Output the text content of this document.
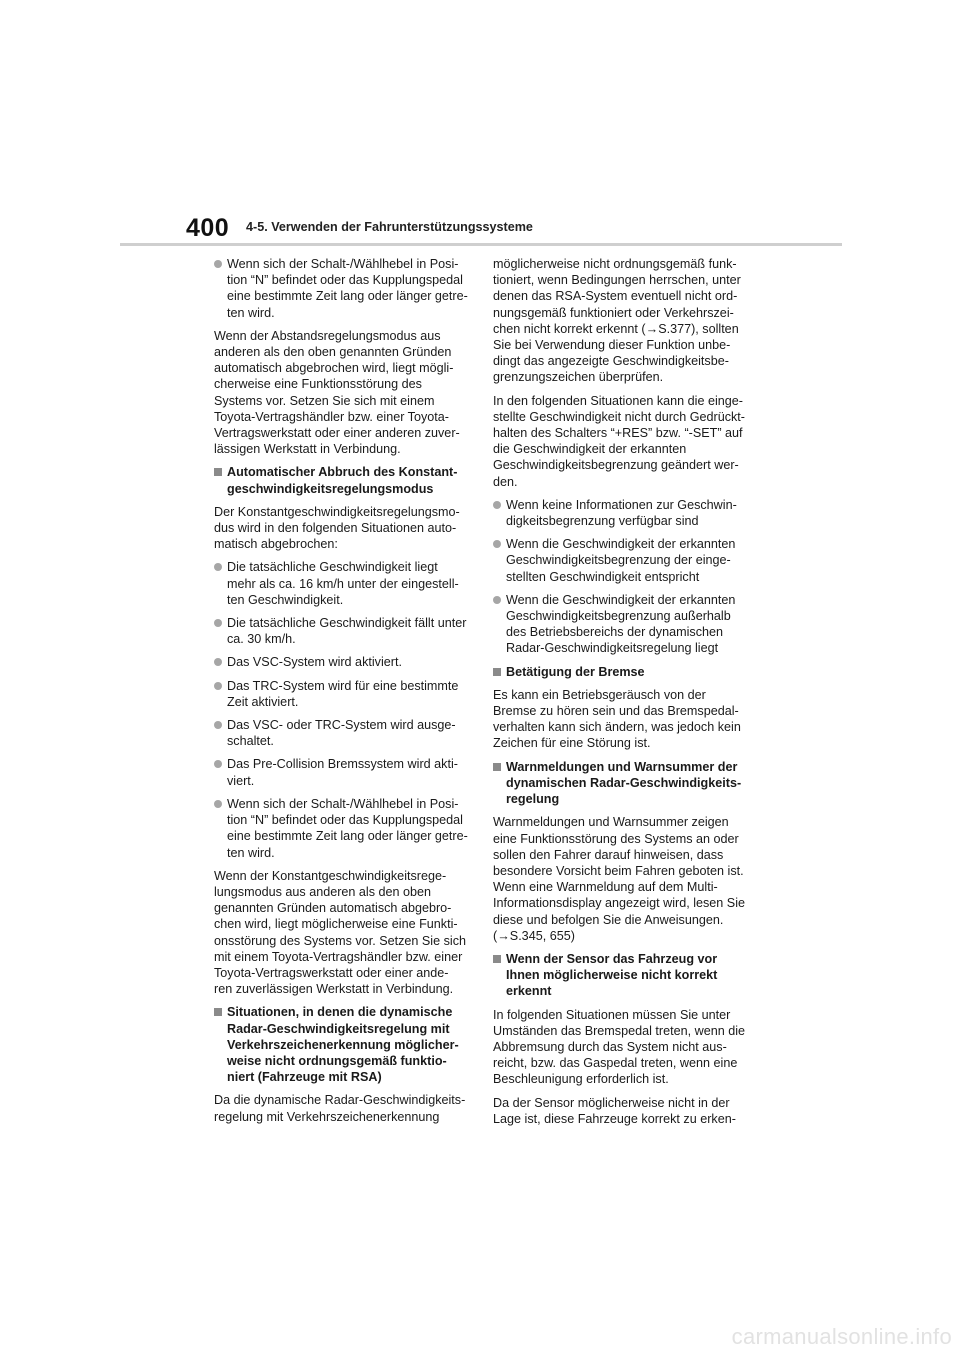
400 4-5. Verwenden der Fahrunterstützungssysteme
Wenn sich der Schalt-/Wählhebel in Posi-
tion “N” befindet oder das Kupplungspedal
eine bestimmte Zeit lang oder länger getre-
ten wird.
Wenn der Abstandsregelungsmodus aus
anderen als den oben genannten Gründen
automatisch abgebrochen wird, liegt mögli-
cherweise eine Funktionsstörung des
Systems vor. Setzen Sie sich mit einem
Toyota-Vertragshändler bzw. einer Toyota-
Vertragswerkstatt oder einer anderen zuver-
lässigen Werkstatt in Verbindung.
Automatischer Abbruch des Konstant-
geschwindigkeitsregelungsmodus
Der Konstantgeschwindigkeitsregelungsmo-
dus wird in den folgenden Situationen auto-
matisch abgebrochen:
Die tatsächliche Geschwindigkeit liegt
mehr als ca. 16 km/h unter der eingestell-
ten Geschwindigkeit.
Die tatsächliche Geschwindigkeit fällt unter
ca. 30 km/h.
Das VSC-System wird aktiviert.
Das TRC-System wird für eine bestimmte
Zeit aktiviert.
Das VSC- oder TRC-System wird ausge-
schaltet.
Das Pre-Collision Bremssystem wird akti-
viert.
Wenn sich der Schalt-/Wählhebel in Posi-
tion “N” befindet oder das Kupplungspedal
eine bestimmte Zeit lang oder länger getre-
ten wird.
Wenn der Konstantgeschwindigkeitsrege-
lungsmodus aus anderen als den oben
genannten Gründen automatisch abgebro-
chen wird, liegt möglicherweise eine Funkti-
onsstörung des Systems vor. Setzen Sie sich
mit einem Toyota-Vertragshändler bzw. einer
Toyota-Vertragswerkstatt oder einer ande-
ren zuverlässigen Werkstatt in Verbindung.
Situationen, in denen die dynamische
Radar-Geschwindigkeitsregelung mit
Verkehrszeichenerkennung möglicher-
weise nicht ordnungsgemäß funktio-
niert (Fahrzeuge mit RSA)
Da die dynamische Radar-Geschwindigkeits-
regelung mit Verkehrszeichenerkennung
möglicherweise nicht ordnungsgemäß funk-
tioniert, wenn Bedingungen herrschen, unter
denen das RSA-System eventuell nicht ord-
nungsgemäß funktioniert oder Verkehrszei-
chen nicht korrekt erkennt (→S.377), sollten
Sie bei Verwendung dieser Funktion unbe-
dingt das angezeigte Geschwindigkeitsbe-
grenzungszeichen überprüfen.
In den folgenden Situationen kann die einge-
stellte Geschwindigkeit nicht durch Gedrückt-
halten des Schalters “+RES” bzw. “-SET” auf
die Geschwindigkeit der erkannten
Geschwindigkeitsbegrenzung geändert wer-
den.
Wenn keine Informationen zur Geschwin-
digkeitsbegrenzung verfügbar sind
Wenn die Geschwindigkeit der erkannten
Geschwindigkeitsbegrenzung der einge-
stellten Geschwindigkeit entspricht
Wenn die Geschwindigkeit der erkannten
Geschwindigkeitsbegrenzung außerhalb
des Betriebsbereichs der dynamischen
Radar-Geschwindigkeitsregelung liegt
Betätigung der Bremse
Es kann ein Betriebsgeräusch von der
Bremse zu hören sein und das Bremspedal-
verhalten kann sich ändern, was jedoch kein
Zeichen für eine Störung ist.
Warnmeldungen und Warnsummer der
dynamischen Radar-Geschwindigkeits-
regelung
Warnmeldungen und Warnsummer zeigen
eine Funktionsstörung des Systems an oder
sollen den Fahrer darauf hinweisen, dass
besondere Vorsicht beim Fahren geboten ist.
Wenn eine Warnmeldung auf dem Multi-
Informationsdisplay angezeigt wird, lesen Sie
diese und befolgen Sie die Anweisungen.
(→S.345, 655)
Wenn der Sensor das Fahrzeug vor
Ihnen möglicherweise nicht korrekt
erkennt
In folgenden Situationen müssen Sie unter
Umständen das Bremspedal treten, wenn die
Abbremsung durch das System nicht aus-
reicht, bzw. das Gaspedal treten, wenn eine
Beschleunigung erforderlich ist.
Da der Sensor möglicherweise nicht in der
Lage ist, diese Fahrzeuge korrekt zu erken-
carmanualsonline.info
